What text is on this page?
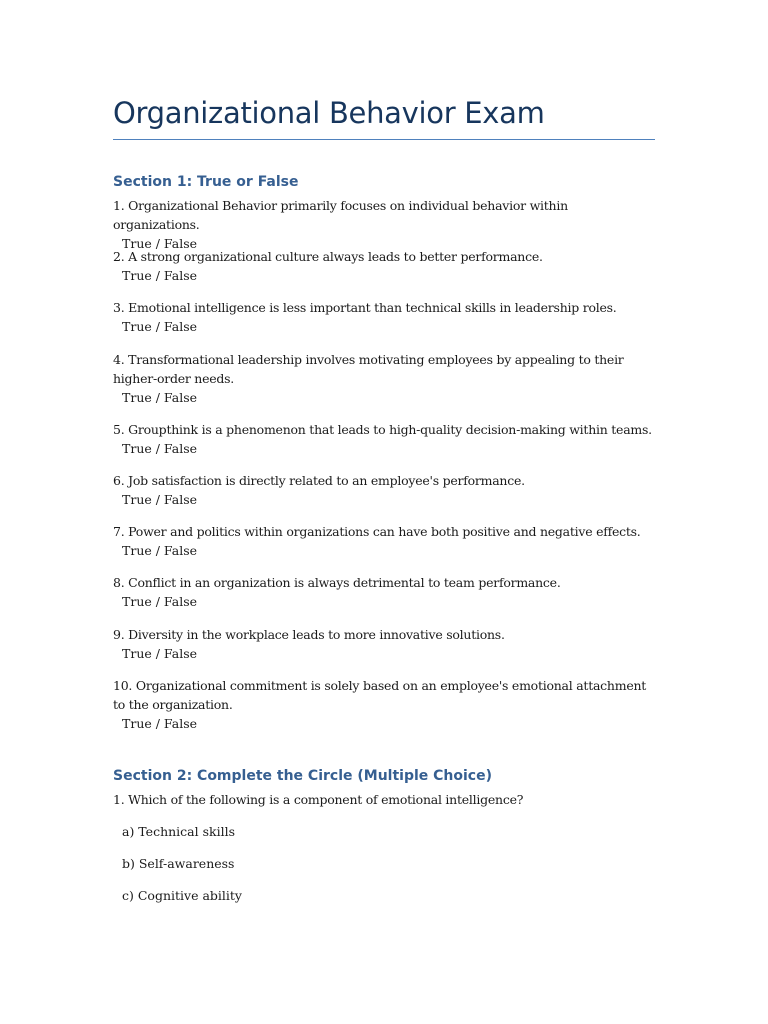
Organizational Behavior Exam
Section 1: True or False
1. Organizational Behavior primarily focuses on individual behavior within organizations.
True / False
2. A strong organizational culture always leads to better performance.
True / False
3. Emotional intelligence is less important than technical skills in leadership roles.
True / False
4. Transformational leadership involves motivating employees by appealing to their higher-order needs.
True / False
5. Groupthink is a phenomenon that leads to high-quality decision-making within teams.
True / False
6. Job satisfaction is directly related to an employee's performance.
True / False
7. Power and politics within organizations can have both positive and negative effects.
True / False
8. Conflict in an organization is always detrimental to team performance.
True / False
9. Diversity in the workplace leads to more innovative solutions.
True / False
10. Organizational commitment is solely based on an employee's emotional attachment to the organization.
True / False
Section 2: Complete the Circle (Multiple Choice)
1. Which of the following is a component of emotional intelligence?
a) Technical skills
b) Self-awareness
c) Cognitive ability
